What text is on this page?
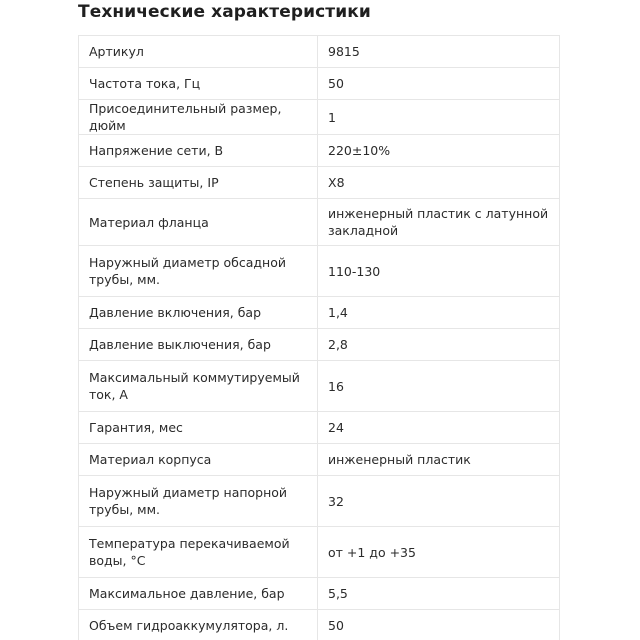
Технические характеристики
Артикул	9815
Частота тока, Гц	50
Присоединительный размер, дюйм	1
Напряжение сети, В	220±10%
Степень защиты, IP	X8
Материал фланца	инженерный пластик с латунной закладной
Наружный диаметр обсадной трубы, мм.	110-130
Давление включения, бар	1,4
Давление выключения, бар	2,8
Максимальный коммутируемый ток, А	16
Гарантия, мес	24
Материал корпуса	инженерный пластик
Наружный диаметр напорной трубы, мм.	32
Температура перекачиваемой воды, °С	от +1 до +35
Максимальное давление, бар	5,5
Объем гидроаккумулятора, л.	50
